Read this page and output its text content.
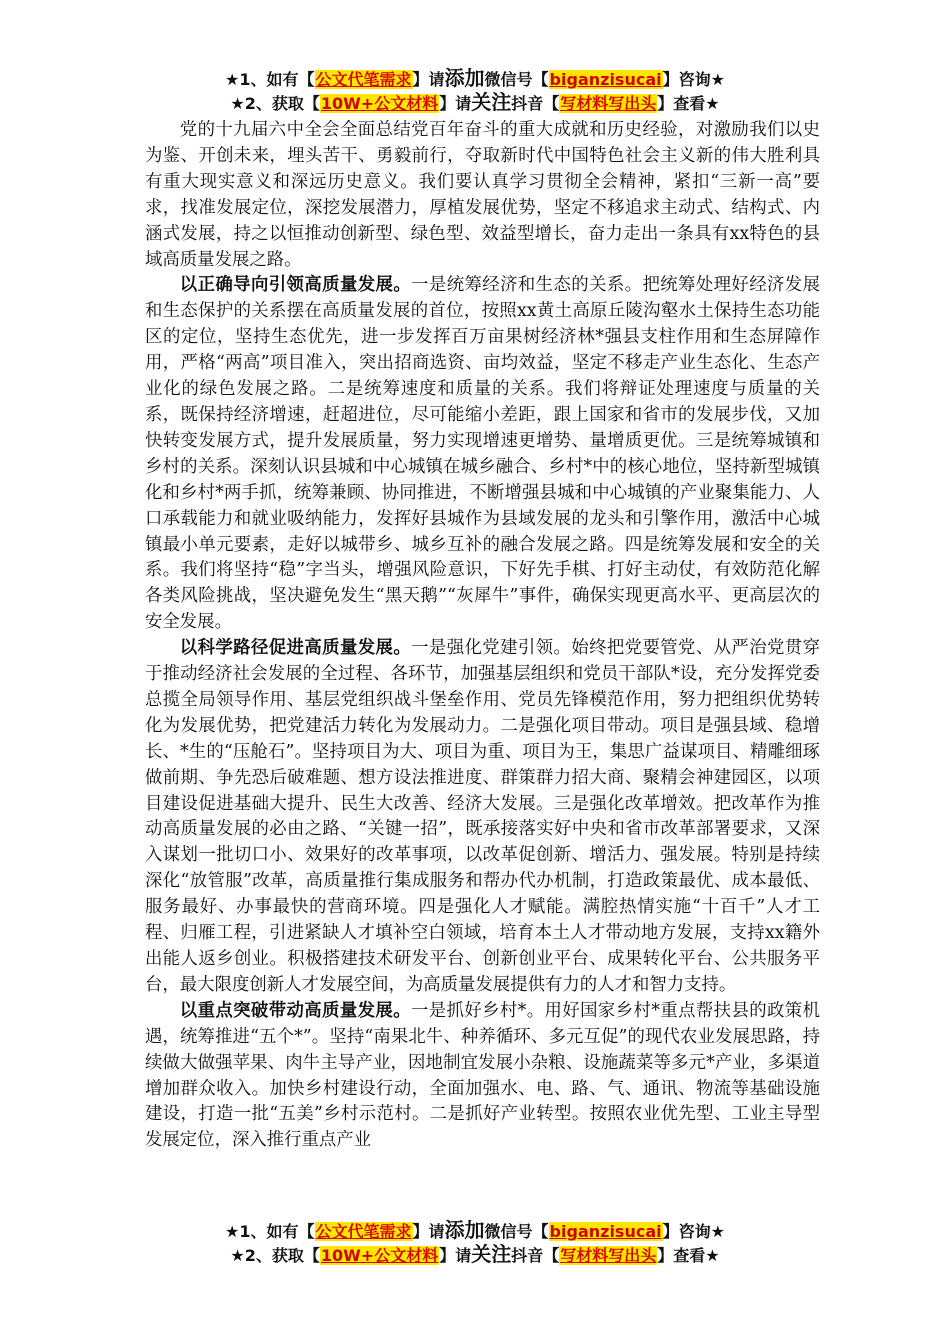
★1、如有【公文代笔需求】请添加微信号【biganzisucai】咨询★
★2、获取【10W+公文材料】请关注抖音【写材料写出头】查看★

党的十九届六中全会全面总结党百年奋斗的重大成就和历史经验，对激励我们以史为鉴、开创未来，埋头苦干、勇毅前行，夺取新时代中国特色社会主义新的伟大胜利具有重大现实意义和深远历史意义。我们要认真学习贯彻全会精神，紧扣“三新一高”要求，找准发展定位，深挖发展潜力，厚植发展优势，坚定不移追求主动式、结构式、内涵式发展，持之以恒推动创新型、绿色型、效益型增长，奋力走出一条具有xx特色的县域高质量发展之路。

以正确导向引领高质量发展。一是统筹经济和生态的关系。把统筹处理好经济发展和生态保护的关系摆在高质量发展的首位，按照xx黄土高原丘陵沟壑水土保持生态功能区的定位，坚持生态优先，进一步发挥百万亩果树经济林*强县支柱作用和生态屏障作用，严格“两高”项目准入，突出招商选资、亩均效益，坚定不移走产业生态化、生态产业化的绿色发展之路。二是统筹速度和质量的关系。我们将辩证处理速度与质量的关系，既保持经济增速，赶超进位，尽可能缩小差距，跟上国家和省市的发展步伐，又加快转变发展方式，提升发展质量，努力实现增速更增势、量增质更优。三是统筹城镇和乡村的关系。深刻认识县城和中心城镇在城乡融合、乡村*中的核心地位，坚持新型城镇化和乡村*两手抓，统筹兼顾、协同推进，不断增强县城和中心城镇的产业聚集能力、人口承载能力和就业吸纳能力，发挥好县城作为县域发展的龙头和引擎作用，激活中心城镇最小单元要素，走好以城带乡、城乡互补的融合发展之路。四是统筹发展和安全的关系。我们将坚持“稳”字当头，增强风险意识，下好先手棋、打好主动仗，有效防范化解各类风险挑战，坚决避免发生“黑天鹅”“灰犀牛”事件，确保实现更高水平、更高层次的安全发展。

以科学路径促进高质量发展。一是强化党建引领。始终把党要管党、从严治党贯穿于推动经济社会发展的全过程、各环节，加强基层组织和党员干部队*设，充分发挥党委总揽全局领导作用、基层党组织战斗堡垒作用、党员先锋模范作用，努力把组织优势转化为发展优势，把党建活力转化为发展动力。二是强化项目带动。项目是强县域、稳增长、*生的“压舱石”。坚持项目为大、项目为重、项目为王，集思广益谋项目、精雕细琢做前期、争先恐后破难题、想方设法推进度、群策群力招大商、聚精会神建园区，以项目建设促进基础大提升、民生大改善、经济大发展。三是强化改革增效。把改革作为推动高质量发展的必由之路、“关键一招”，既承接落实好中央和省市改革部署要求，又深入谋划一批切口小、效果好的改革事项，以改革促创新、增活力、强发展。特别是持续深化“放管服”改革，高质量推行集成服务和帮办代办机制，打造政策最优、成本最低、服务最好、办事最快的营商环境。四是强化人才赋能。满腔热情实施“十百千”人才工程、归雁工程，引进紧缺人才填补空白领域，培育本土人才带动地方发展，支持xx籍外出能人返乡创业。积极搭建技术研发平台、创新创业平台、成果转化平台、公共服务平台，最大限度创新人才发展空间，为高质量发展提供有力的人才和智力支持。

以重点突破带动高质量发展。一是抓好乡村*。用好国家乡村*重点帮扶县的政策机遇，统筹推进“五个*”。坚持“南果北牛、种养循环、多元互促”的现代农业发展思路，持续做大做强苹果、肉牛主导产业，因地制宜发展小杂粮、设施蔬菜等多元*产业，多渠道增加群众收入。加快乡村建设行动，全面加强水、电、路、气、通讯、物流等基础设施建设，打造一批“五美”乡村示范村。二是抓好产业转型。按照农业优先型、工业主导型发展定位，深入推行重点产业

★1、如有【公文代笔需求】请添加微信号【biganzisucai】咨询★
★2、获取【10W+公文材料】请关注抖音【写材料写出头】查看★
